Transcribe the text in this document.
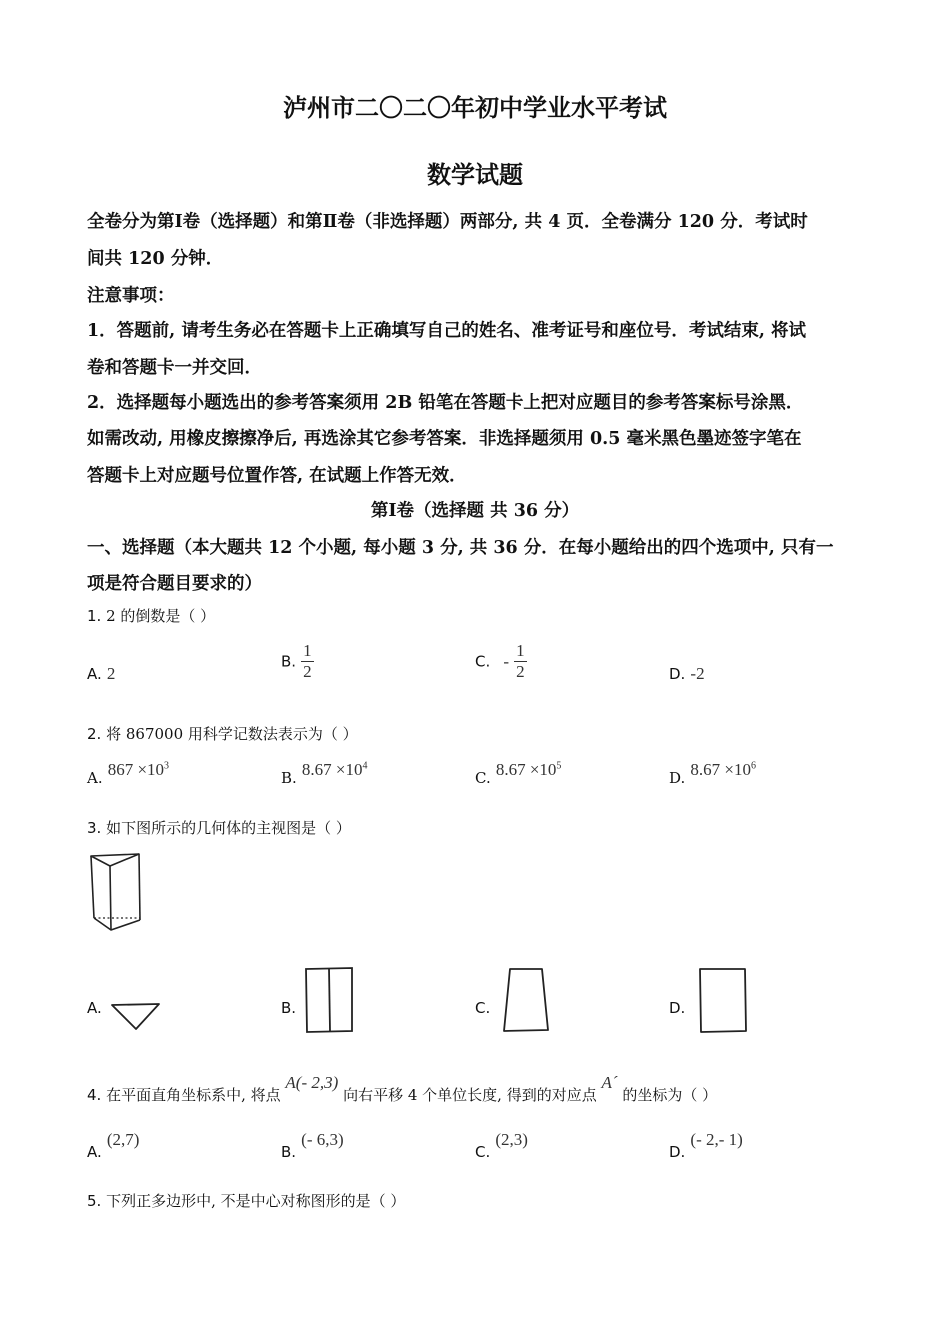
泸州市二〇二〇年初中学业水平考试
数学试题
全卷分为第Ⅰ卷（选择题）和第Ⅱ卷（非选择题）两部分, 共 4 页．全卷满分 120 分．考试时
间共 120 分钟．
注意事项：
1．答题前, 请考生务必在答题卡上正确填写自己的姓名、准考证号和座位号．考试结束, 将试
卷和答题卡一并交回．
2．选择题每小题选出的参考答案须用 2B 铅笔在答题卡上把对应题目的参考答案标号涂黑．
如需改动, 用橡皮擦擦净后, 再选涂其它参考答案．非选择题须用 0.5 毫米黑色墨迹签字笔在
答题卡上对应题号位置作答, 在试题上作答无效．
第Ⅰ卷（选择题 共 36 分）
一、选择题（本大题共 12 个小题, 每小题 3 分, 共 36 分．在每小题给出的四个选项中, 只有一
项是符合题目要求的）
1. 2 的倒数是（ ）
A. 2
B. $\frac{1}{2}$	C. - $\frac{1}{2}$	D. -2
2. 将 867000 用科学记数法表示为（ ）
A. $867 \times 10^3$
B. $8.67 \times 10^4$
C. $8.67 \times 10^5$
D. $8.67 \times 10^6$
3. 如下图所示的几何体的主视图是（ ）
A.	B.	C.	D.
4. 在平面直角坐标系中, 将点 A(- 2,3) 向右平移 4 个单位长度, 得到的对应点 A´ 的坐标为（ ）
A. (2,7)
B. (- 6,3)
C. (2,3)
D. (- 2,- 1)
5. 下列正多边形中, 不是中心对称图形的是（ ）
